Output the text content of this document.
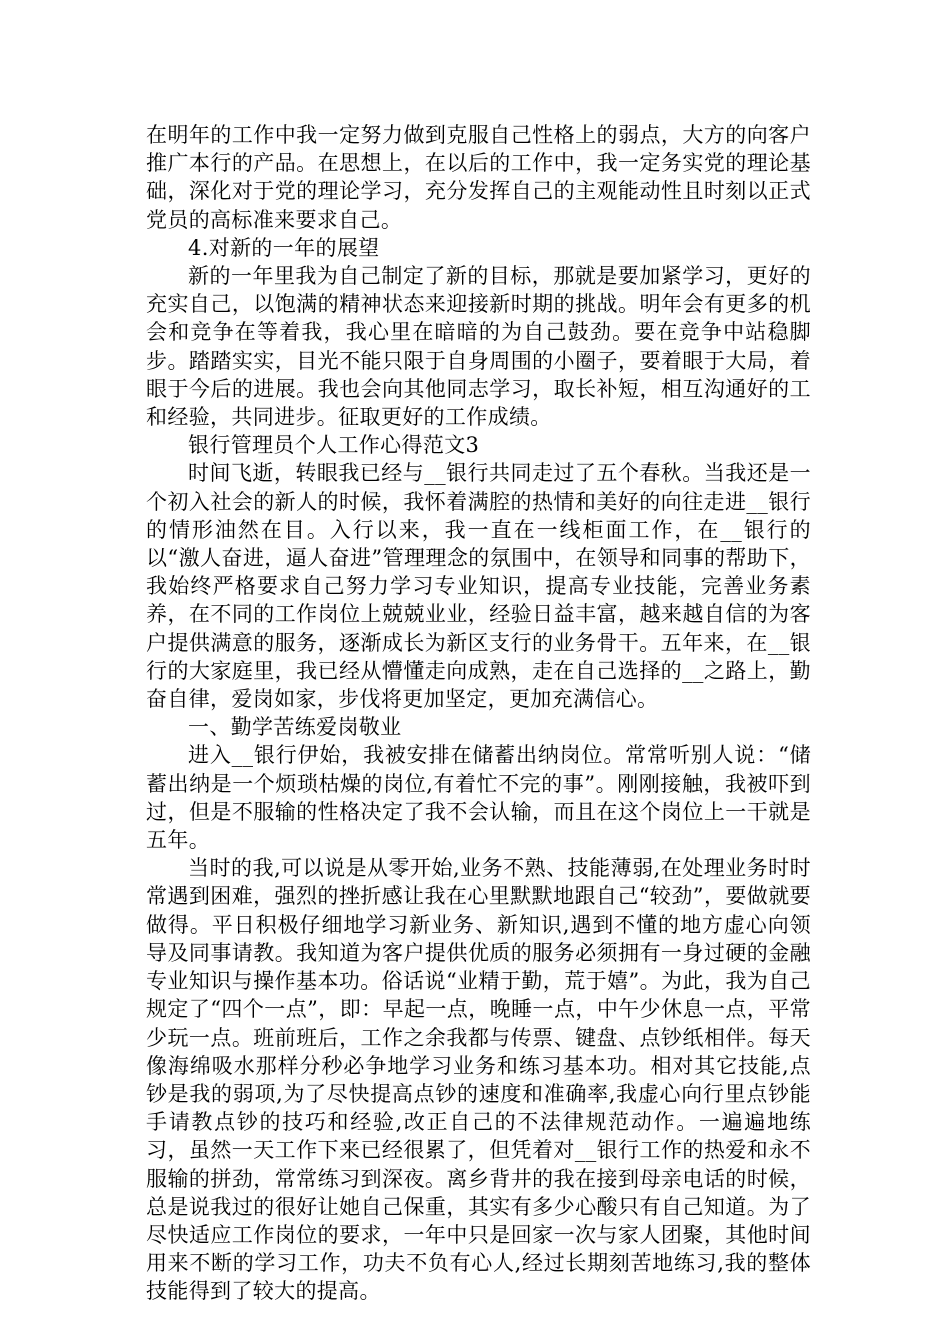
在明年的工作中我一定努力做到克服自己性格上的弱点，大方的向客户推广本行的产品。在思想上，在以后的工作中，我一定务实党的理论基础，深化对于党的理论学习，充分发挥自己的主观能动性且时刻以正式党员的高标准来要求自己。

4.对新的一年的展望

新的一年里我为自己制定了新的目标，那就是要加紧学习，更好的充实自己，以饱满的精神状态来迎接新时期的挑战。明年会有更多的机会和竞争在等着我，我心里在暗暗的为自己鼓劲。要在竞争中站稳脚步。踏踏实实，目光不能只限于自身周围的小圈子，要着眼于大局，着眼于今后的进展。我也会向其他同志学习，取长补短，相互沟通好的工和经验，共同进步。征取更好的工作成绩。

银行管理员个人工作心得范文3

时间飞逝，转眼我已经与__银行共同走过了五个春秋。当我还是一个初入社会的新人的时候，我怀着满腔的热情和美好的向往走进__银行的情形油然在目。入行以来，我一直在一线柜面工作，在__银行的以“激人奋进，逼人奋进”管理理念的氛围中，在领导和同事的帮助下，我始终严格要求自己努力学习专业知识，提高专业技能，完善业务素养，在不同的工作岗位上兢兢业业，经验日益丰富，越来越自信的为客户提供满意的服务，逐渐成长为新区支行的业务骨干。五年来，在__银行的大家庭里，我已经从懵懂走向成熟，走在自己选择的__之路上，勤奋自律，爱岗如家，步伐将更加坚定，更加充满信心。

一、勤学苦练爱岗敬业

进入__银行伊始，我被安排在储蓄出纳岗位。常常听别人说：“储蓄出纳是一个烦琐枯燥的岗位,有着忙不完的事”。刚刚接触，我被吓到过，但是不服输的性格决定了我不会认输，而且在这个岗位上一干就是五年。

当时的我,可以说是从零开始,业务不熟、技能薄弱,在处理业务时时常遇到困难，强烈的挫折感让我在心里默默地跟自己“较劲”，要做就要做得。平日积极仔细地学习新业务、新知识,遇到不懂的地方虚心向领导及同事请教。我知道为客户提供优质的服务必须拥有一身过硬的金融专业知识与操作基本功。俗话说“业精于勤，荒于嬉”。为此，我为自己规定了“四个一点”，即：早起一点，晚睡一点，中午少休息一点，平常少玩一点。班前班后，工作之余我都与传票、键盘、点钞纸相伴。每天像海绵吸水那样分秒必争地学习业务和练习基本功。相对其它技能,点钞是我的弱项,为了尽快提高点钞的速度和准确率,我虚心向行里点钞能手请教点钞的技巧和经验,改正自己的不法律规范动作。一遍遍地练习，虽然一天工作下来已经很累了，但凭着对__银行工作的热爱和永不服输的拼劲，常常练习到深夜。离乡背井的我在接到母亲电话的时候，总是说我过的很好让她自己保重，其实有多少心酸只有自己知道。为了尽快适应工作岗位的要求，一年中只是回家一次与家人团聚，其他时间用来不断的学习工作，功夫不负有心人,经过长期刻苦地练习,我的整体技能得到了较大的提高。
